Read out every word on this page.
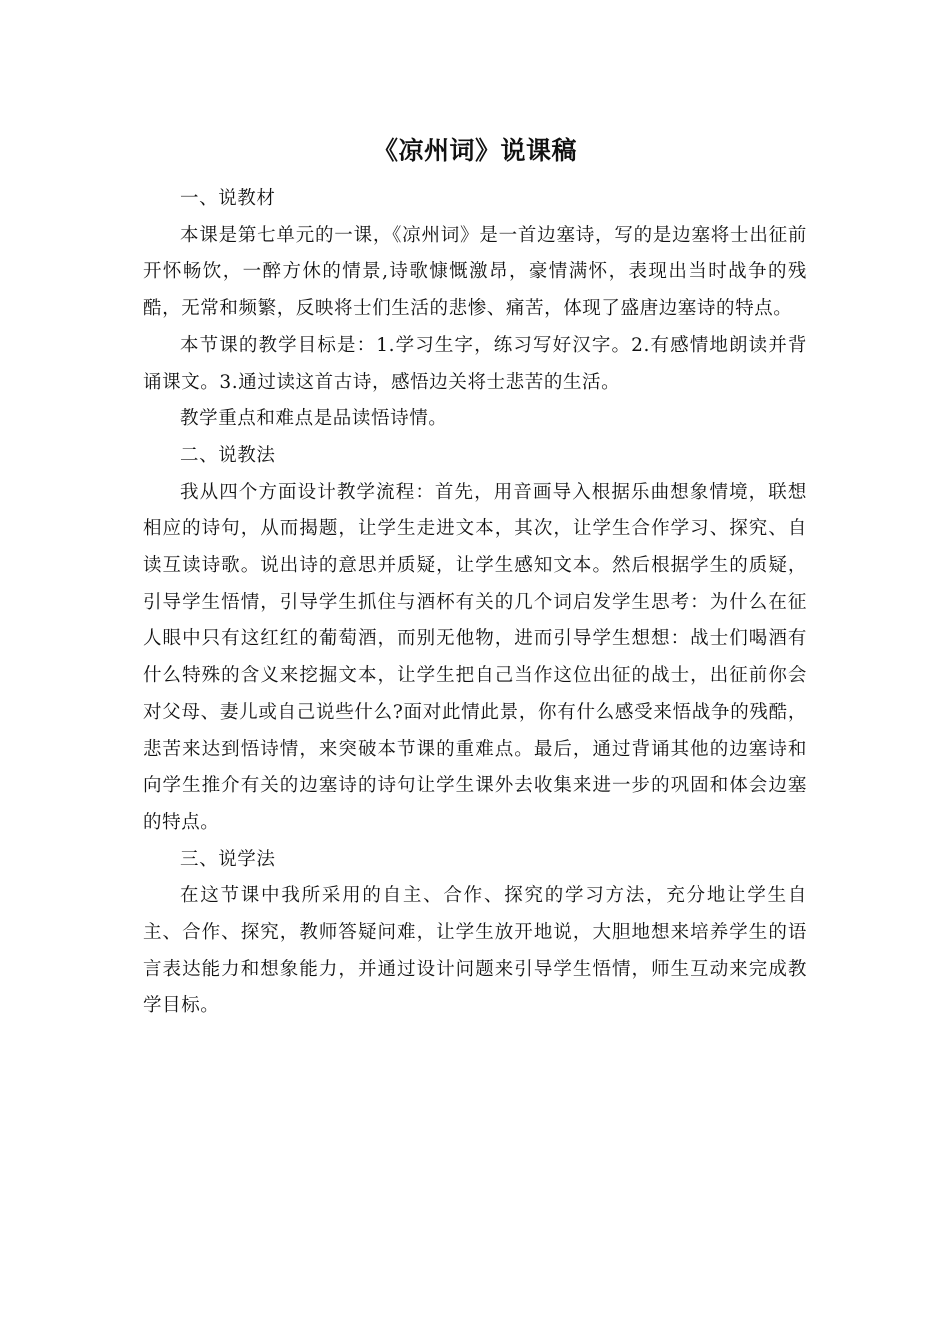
《凉州词》说课稿

一、说教材

本课是第七单元的一课，《凉州词》是一首边塞诗，写的是边塞将士出征前开怀畅饮，一醉方休的情景,诗歌慷慨激昂，豪情满怀，表现出当时战争的残酷，无常和频繁，反映将士们生活的悲惨、痛苦，体现了盛唐边塞诗的特点。

本节课的教学目标是：1.学习生字，练习写好汉字。2.有感情地朗读并背诵课文。3.通过读这首古诗，感悟边关将士悲苦的生活。

教学重点和难点是品读悟诗情。

二、说教法

我从四个方面设计教学流程：首先，用音画导入根据乐曲想象情境，联想相应的诗句，从而揭题，让学生走进文本，其次，让学生合作学习、探究、自读互读诗歌。说出诗的意思并质疑，让学生感知文本。然后根据学生的质疑，引导学生悟情，引导学生抓住与酒杯有关的几个词启发学生思考：为什么在征人眼中只有这红红的葡萄酒，而别无他物，进而引导学生想想：战士们喝酒有什么特殊的含义来挖掘文本，让学生把自己当作这位出征的战士，出征前你会对父母、妻儿或自己说些什么?面对此情此景，你有什么感受来悟战争的残酷，悲苦来达到悟诗情，来突破本节课的重难点。最后，通过背诵其他的边塞诗和向学生推介有关的边塞诗的诗句让学生课外去收集来进一步的巩固和体会边塞的特点。

三、说学法

在这节课中我所采用的自主、合作、探究的学习方法，充分地让学生自主、合作、探究，教师答疑问难，让学生放开地说，大胆地想来培养学生的语言表达能力和想象能力，并通过设计问题来引导学生悟情，师生互动来完成教学目标。
